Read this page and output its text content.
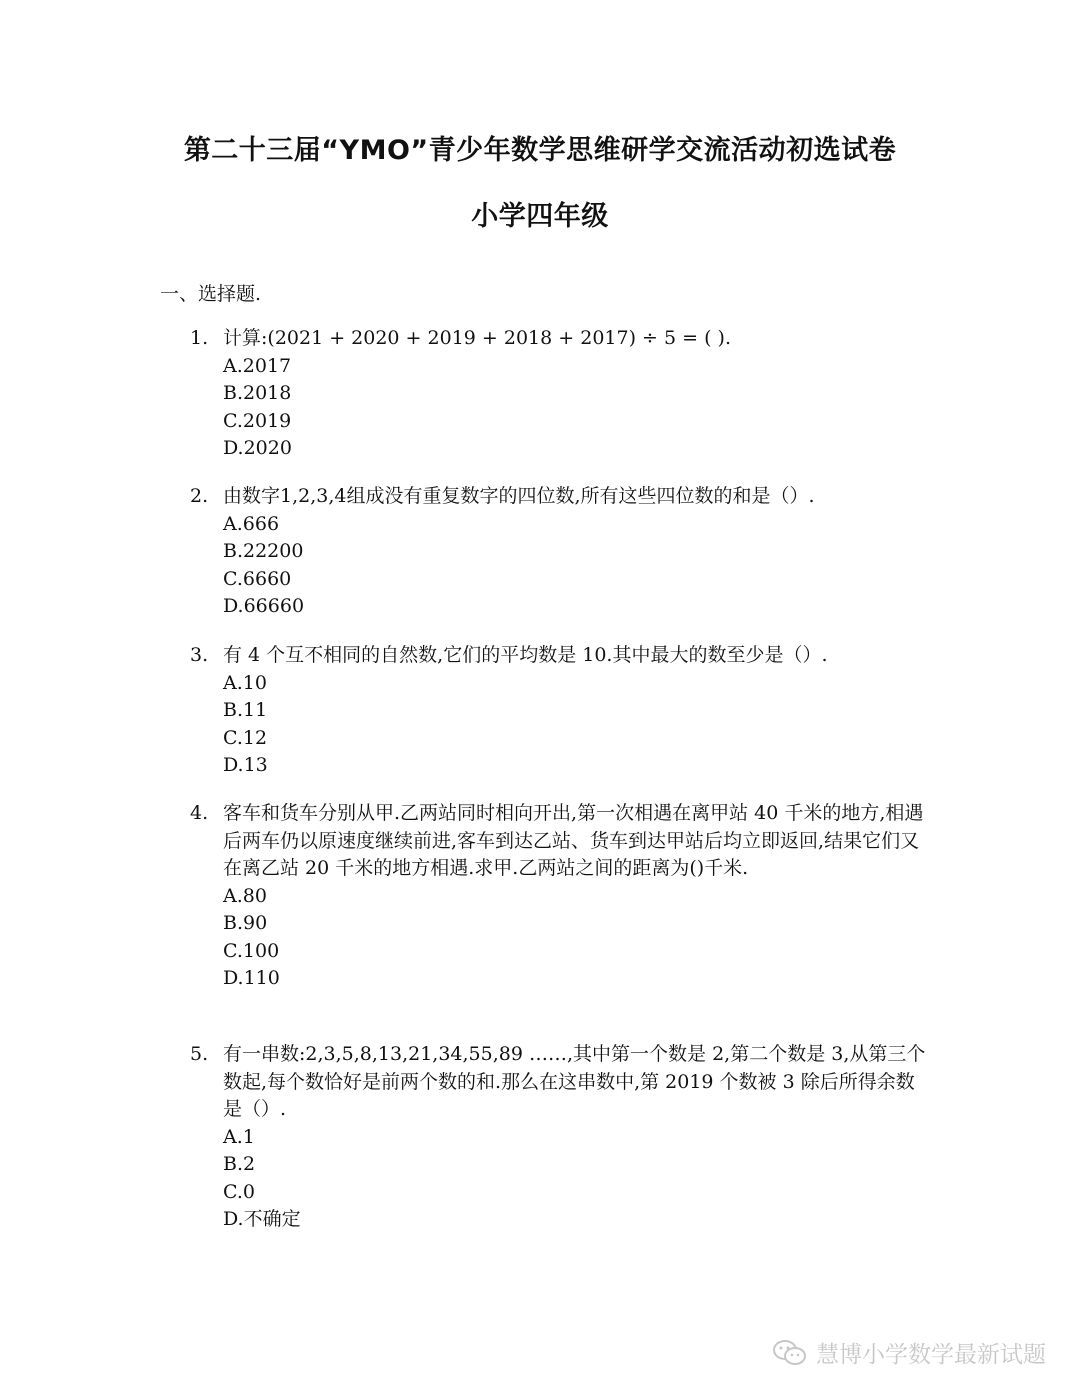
第二十三届“YMO”青少年数学思维研学交流活动初选试卷
小学四年级
一、选择题.
1. 计算:(2021 + 2020 + 2019 + 2018 + 2017) ÷ 5 = ( ).
A.2017
B.2018
C.2019
D.2020
2. 由数字1,2,3,4组成没有重复数字的四位数,所有这些四位数的和是（）.
A.666
B.22200
C.6660
D.66660
3. 有 4 个互不相同的自然数,它们的平均数是 10.其中最大的数至少是（）.
A.10
B.11
C.12
D.13
4. 客车和货车分别从甲.乙两站同时相向开出,第一次相遇在离甲站 40 千米的地方,相遇后两车仍以原速度继续前进,客车到达乙站、货车到达甲站后均立即返回,结果它们又在离乙站 20 千米的地方相遇.求甲.乙两站之间的距离为()千米.
A.80
B.90
C.100
D.110
5. 有一串数:2,3,5,8,13,21,34,55,89 ……,其中第一个数是 2,第二个数是 3,从第三个数起,每个数恰好是前两个数的和.那么在这串数中,第 2019 个数被 3 除后所得余数是（）.
A.1
B.2
C.0
D.不确定
慧博小学数学最新试题
